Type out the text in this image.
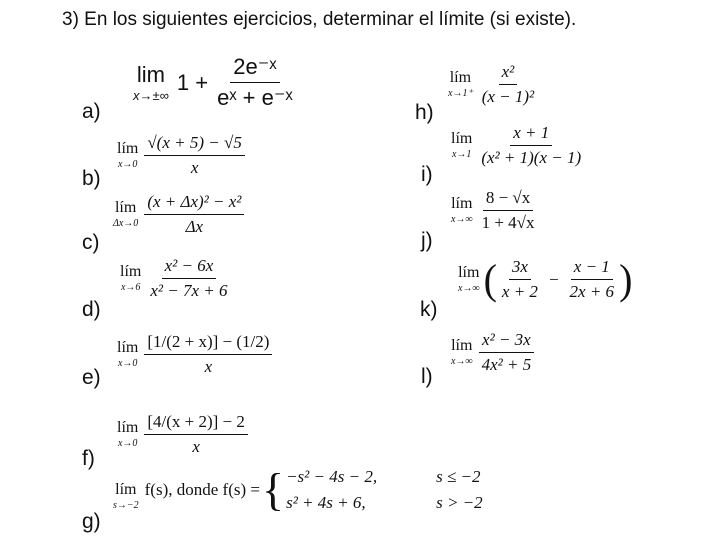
3) En los siguientes ejercicios, determinar el límite (si existe).
a)
lim
x→±∞
$1 + \frac{\text{2e⁻ˣ}}{\text{eˣ + e⁻ˣ}}$
b)
lím
$x\to 0 \frac{√(x + 5) - √5}{x}$
c)
lím
$\Delta x\to 0 \frac{\text{(x + Δx)² − x²}}{\Delta x}$
d)
lím
$x\to 6 \frac{\text{x² − 6x}}{\text{x² − 7x + 6}}$
e)
lím
$x\to 0 \frac{[1/(2 + x)] - (1/2)}{x}$
f)
lím
$x\to 0 \frac{[4/(x + 2)] - 2}{x}$
g)
lím
s→−2
f(s), donde f(s) = { −s² − 4s − 2,	s ≤ −2
s² + 4s + 6,	s > −2
h)
lím
$x\to 1^+ \frac{\text{x²}}{\text{(x − 1)²}}$
i)
lím
$x\to 1 \frac{x + 1}{\text{(x² + 1)(x − 1)}}$
j)
lím
$x\to\infty \frac{8 - √x}{1 + 4√x}$
k)
lím
x→∞ ( $\frac{3x}{x + 2} - \frac{x - 1}{2x + 6}$ )
l)
lím
$x\to\infty \frac{\text{x² − 3x}}{\text{4x² + 5}}$
